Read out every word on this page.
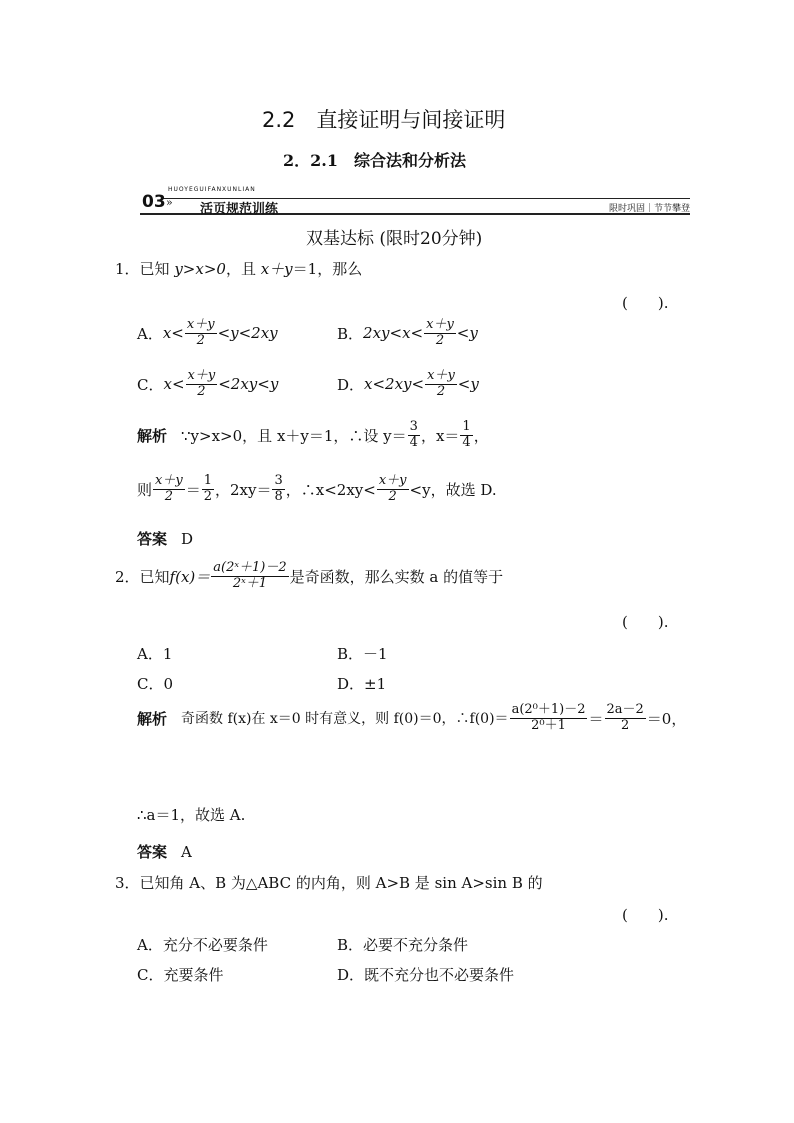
2.2　直接证明与间接证明
2．2.1　综合法和分析法
HUOYEGUIFANXUNLIAN
03 » 活页规范训练	限时巩固｜节节攀登
双基达标 (限时20分钟)
1．已知 y>x>0，且 x＋y＝1，那么
(　　).
A．$x< \frac{x+y}{2} <y<2xy$	B．$2xy<x< \frac{x+y}{2} <y$
C．$x< \frac{x+y}{2} <2xy<y$	D．$x<2xy< \frac{x+y}{2} <y$
解析 ∵y>x>0，且 x＋y＝1，∴设 $y= \frac{3}{4}$ ，$x= \frac{1}{4}$ ，
则 $\frac{x+y}{2} = \frac{1}{2}$ ，$2xy= \frac{3}{8}$ ，∴x<2xy< $\frac{x+y}{2} <y$，故选 D.
答案 D
2．已知$f(x)= \frac{\text{a(2ˣ＋1)－2}}{\text{2ˣ＋1}}$ 是奇函数，那么实数 a 的值等于
(　　).
A．1	B．－1
C．0	D．±1
解析 奇函数 f(x)在 x＝0 时有意义，则 f(0)＝0，∴f(0)＝ $\frac{\text{a(2⁰＋1)－2}}{\text{2⁰＋1}} = \frac{2a-2}{2} =0$，
∴a＝1，故选 A.
答案 A
3．已知角 A、B 为△ABC 的内角，则 A>B 是 sin A>sin B 的
(　　).
A．充分不必要条件	B．必要不充分条件
C．充要条件	D．既不充分也不必要条件
